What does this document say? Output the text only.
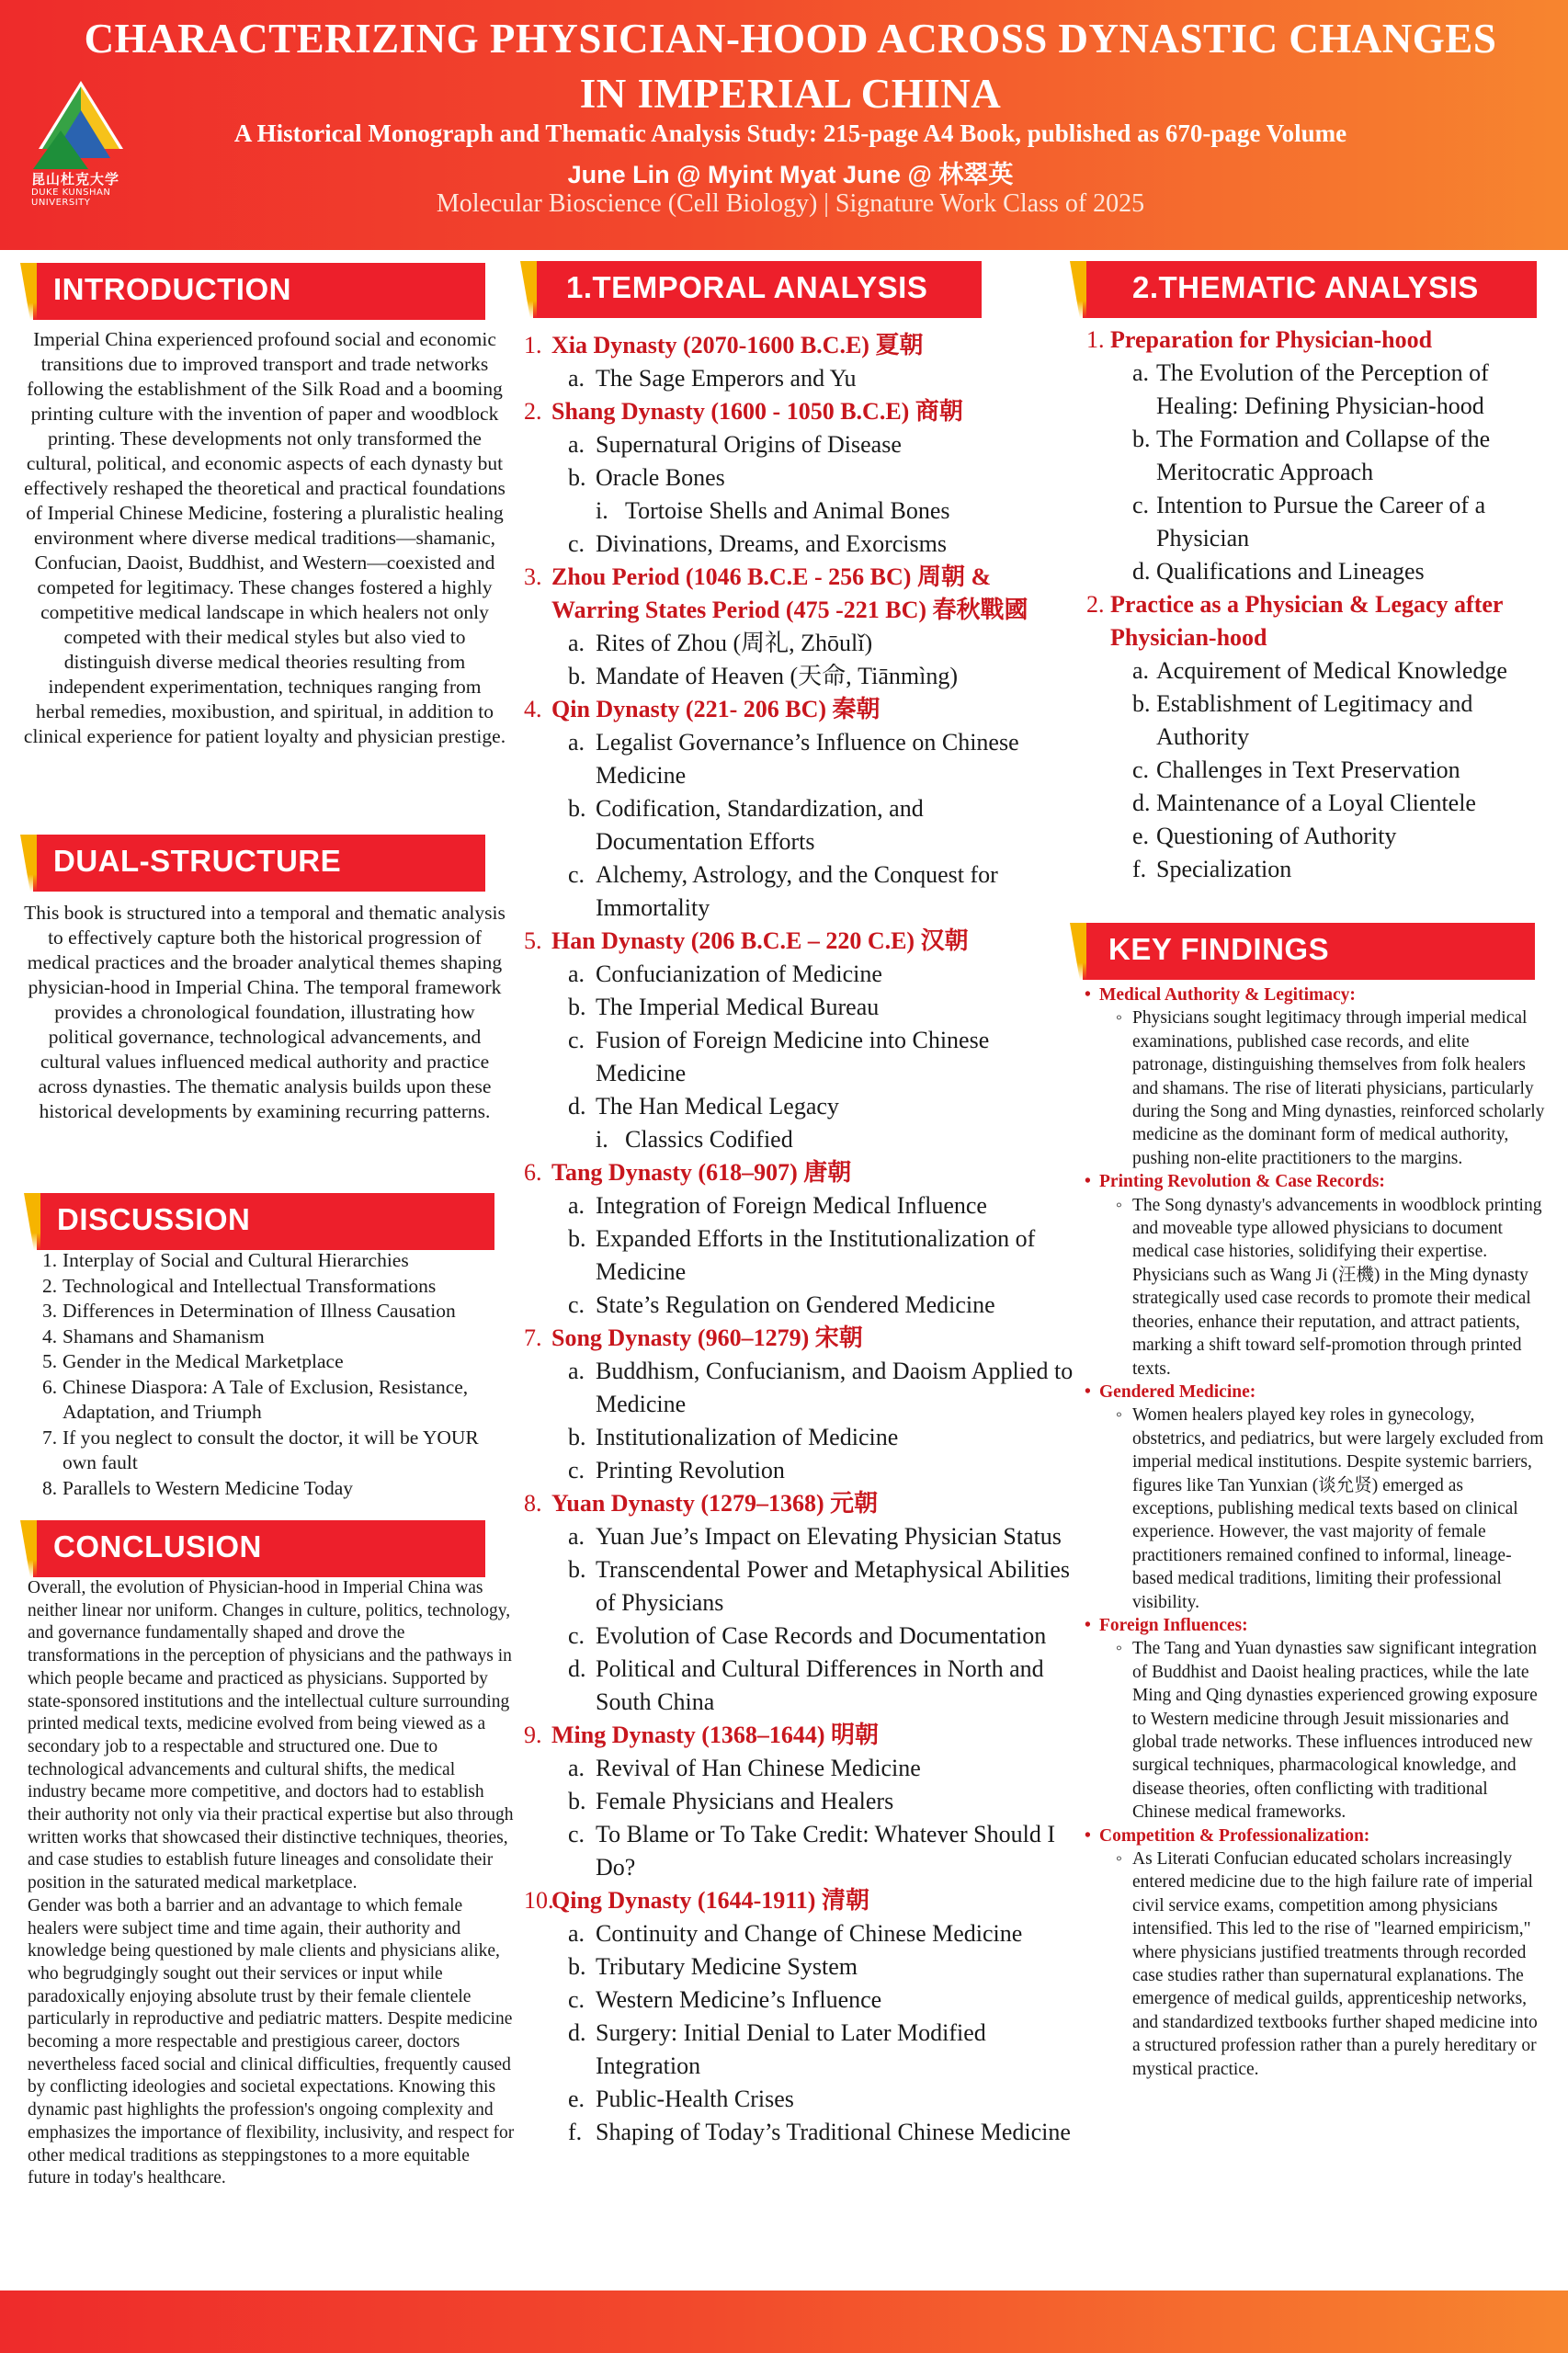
昆山杜克大学
DUKE KUNSHAN UNIVERSITY
CHARACTERIZING PHYSICIAN-HOOD ACROSS DYNASTIC CHANGES
IN IMPERIAL CHINA
A Historical Monograph and Thematic Analysis Study: 215-page A4 Book, published as 670-page Volume
June Lin @ Myint Myat June @ 林翠英
Molecular Bioscience (Cell Biology) | Signature Work Class of 2025
INTRODUCTION
Imperial China experienced profound social and economic transitions due to improved transport and trade networks following the establishment of the Silk Road and a booming printing culture with the invention of paper and woodblock printing. These developments not only transformed the cultural, political, and economic aspects of each dynasty but effectively reshaped the theoretical and practical foundations of Imperial Chinese Medicine, fostering a pluralistic healing environment where diverse medical traditions—shamanic, Confucian, Daoist, Buddhist, and Western—coexisted and competed for legitimacy. These changes fostered a highly competitive medical landscape in which healers not only competed with their medical styles but also vied to distinguish diverse medical theories resulting from independent experimentation, techniques ranging from herbal remedies, moxibustion, and spiritual, in addition to clinical experience for patient loyalty and physician prestige.
DUAL-STRUCTURE
This book is structured into a temporal and thematic analysis to effectively capture both the historical progression of medical practices and the broader analytical themes shaping physician-hood in Imperial China. The temporal framework provides a chronological foundation, illustrating how political governance, technological advancements, and cultural values influenced medical authority and practice across dynasties. The thematic analysis builds upon these historical developments by examining recurring patterns.
DISCUSSION
1. Interplay of Social and Cultural Hierarchies
2. Technological and Intellectual Transformations
3. Differences in Determination of Illness Causation
4. Shamans and Shamanism
5. Gender in the Medical Marketplace
6. Chinese Diaspora: A Tale of Exclusion, Resistance, Adaptation, and Triumph
7. If you neglect to consult the doctor, it will be YOUR own fault
8. Parallels to Western Medicine Today
CONCLUSION
Overall, the evolution of Physician-hood in Imperial China was neither linear nor uniform. Changes in culture, politics, technology, and governance fundamentally shaped and drove the transformations in the perception of physicians and the pathways in which people became and practiced as physicians. Supported by state-sponsored institutions and the intellectual culture surrounding printed medical texts, medicine evolved from being viewed as a secondary job to a respectable and structured one. Due to technological advancements and cultural shifts, the medical industry became more competitive, and doctors had to establish their authority not only via their practical expertise but also through written works that showcased their distinctive techniques, theories, and case studies to establish future lineages and consolidate their position in the saturated medical marketplace.
Gender was both a barrier and an advantage to which female healers were subject time and time again, their authority and knowledge being questioned by male clients and physicians alike, who begrudgingly sought out their services or input while paradoxically enjoying absolute trust by their female clientele particularly in reproductive and pediatric matters. Despite medicine becoming a more respectable and prestigious career, doctors nevertheless faced social and clinical difficulties, frequently caused by conflicting ideologies and societal expectations. Knowing this dynamic past highlights the profession's ongoing complexity and emphasizes the importance of flexibility, inclusivity, and respect for other medical traditions as steppingstones to a more equitable future in today's healthcare.
1.TEMPORAL ANALYSIS
1. Xia Dynasty (2070-1600 B.C.E) 夏朝
a. The Sage Emperors and Yu
2. Shang Dynasty (1600 - 1050 B.C.E) 商朝
a. Supernatural Origins of Disease
b. Oracle Bones
i. Tortoise Shells and Animal Bones
c. Divinations, Dreams, and Exorcisms
3. Zhou Period (1046 B.C.E - 256 BC) 周朝 & Warring States Period (475 -221 BC) 春秋戰國
a. Rites of Zhou (周礼, Zhōulǐ)
b. Mandate of Heaven (天命, Tiānmìng)
4. Qin Dynasty (221- 206 BC) 秦朝
a. Legalist Governance’s Influence on Chinese Medicine
b. Codification, Standardization, and Documentation Efforts
c. Alchemy, Astrology, and the Conquest for Immortality
5. Han Dynasty (206 B.C.E – 220 C.E) 汉朝
a. Confucianization of Medicine
b. The Imperial Medical Bureau
c. Fusion of Foreign Medicine into Chinese Medicine
d. The Han Medical Legacy
i. Classics Codified
6. Tang Dynasty (618–907) 唐朝
a. Integration of Foreign Medical Influence
b. Expanded Efforts in the Institutionalization of Medicine
c. State’s Regulation on Gendered Medicine
7. Song Dynasty (960–1279) 宋朝
a. Buddhism, Confucianism, and Daoism Applied to Medicine
b. Institutionalization of Medicine
c. Printing Revolution
8. Yuan Dynasty (1279–1368) 元朝
a. Yuan Jue’s Impact on Elevating Physician Status
b. Transcendental Power and Metaphysical Abilities of Physicians
c. Evolution of Case Records and Documentation
d. Political and Cultural Differences in North and South China
9. Ming Dynasty (1368–1644) 明朝
a. Revival of Han Chinese Medicine
b. Female Physicians and Healers
c. To Blame or To Take Credit: Whatever Should I Do?
10.
Qing Dynasty (1644-1911) 清朝
a. Continuity and Change of Chinese Medicine
b. Tributary Medicine System
c. Western Medicine’s Influence
d. Surgery: Initial Denial to Later Modified Integration
e. Public-Health Crises
f. Shaping of Today’s Traditional Chinese Medicine
2.THEMATIC ANALYSIS
1. Preparation for Physician-hood
a. The Evolution of the Perception of Healing: Defining Physician-hood
b. The Formation and Collapse of the Meritocratic Approach
c. Intention to Pursue the Career of a Physician
d. Qualifications and Lineages
2. Practice as a Physician & Legacy after Physician-hood
a. Acquirement of Medical Knowledge
b. Establishment of Legitimacy and Authority
c. Challenges in Text Preservation
d. Maintenance of a Loyal Clientele
e. Questioning of Authority
f. Specialization
KEY FINDINGS
• Medical Authority & Legitimacy:
◦ Physicians sought legitimacy through imperial medical examinations, published case records, and elite patronage, distinguishing themselves from folk healers and shamans. The rise of literati physicians, particularly during the Song and Ming dynasties, reinforced scholarly medicine as the dominant form of medical authority, pushing non-elite practitioners to the margins.
• Printing Revolution & Case Records:
◦ The Song dynasty's advancements in woodblock printing and moveable type allowed physicians to document medical case histories, solidifying their expertise. Physicians such as Wang Ji (汪機) in the Ming dynasty strategically used case records to promote their medical theories, enhance their reputation, and attract patients, marking a shift toward self-promotion through printed texts.
• Gendered Medicine:
◦ Women healers played key roles in gynecology, obstetrics, and pediatrics, but were largely excluded from imperial medical institutions. Despite systemic barriers, figures like Tan Yunxian (谈允贤) emerged as exceptions, publishing medical texts based on clinical experience. However, the vast majority of female practitioners remained confined to informal, lineage-based medical traditions, limiting their professional visibility.
• Foreign Influences:
◦ The Tang and Yuan dynasties saw significant integration of Buddhist and Daoist healing practices, while the late Ming and Qing dynasties experienced growing exposure to Western medicine through Jesuit missionaries and global trade networks. These influences introduced new surgical techniques, pharmacological knowledge, and disease theories, often conflicting with traditional Chinese medical frameworks.
• Competition & Professionalization:
◦ As Literati Confucian educated scholars increasingly entered medicine due to the high failure rate of imperial civil service exams, competition among physicians intensified. This led to the rise of "learned empiricism," where physicians justified treatments through recorded case studies rather than supernatural explanations. The emergence of medical guilds, apprenticeship networks, and standardized textbooks further shaped medicine into a structured profession rather than a purely hereditary or mystical practice.
